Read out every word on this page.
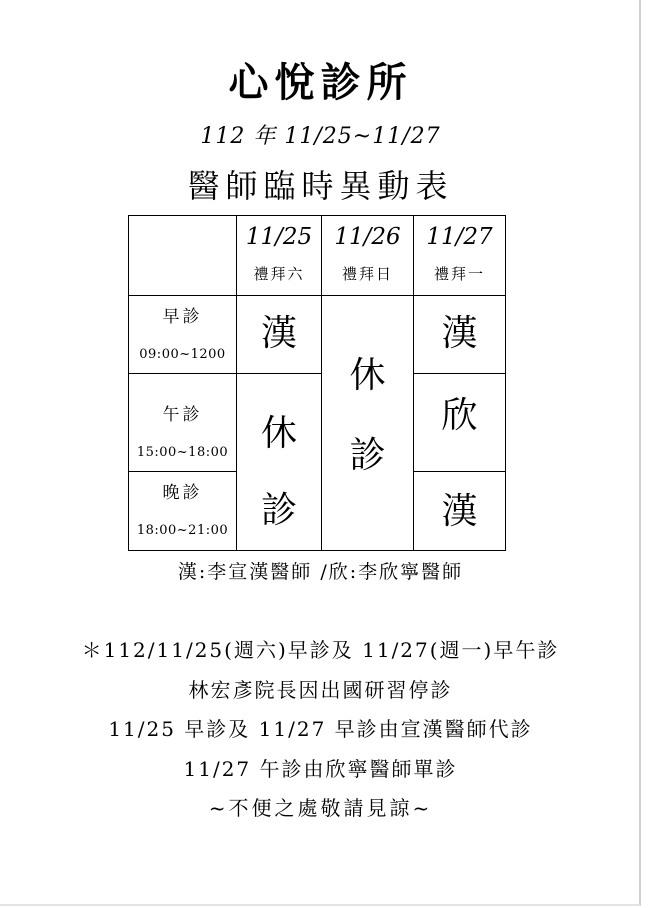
心悅診所
112 年 11/25~11/27
醫師臨時異動表
11/25
禮拜六
11/26
禮拜日
11/27
禮拜一
早診
09:00~1200
午診
15:00~18:00
晚診
18:00~21:00
漢
休
診
休
診
漢
欣
漢
漢:李宣漢醫師 /欣:李欣寧醫師
＊112/11/25(週六)早診及 11/27(週一)早午診
林宏彥院長因出國研習停診
11/25 早診及 11/27 早診由宣漢醫師代診
11/27 午診由欣寧醫師單診
~不便之處敬請見諒~
